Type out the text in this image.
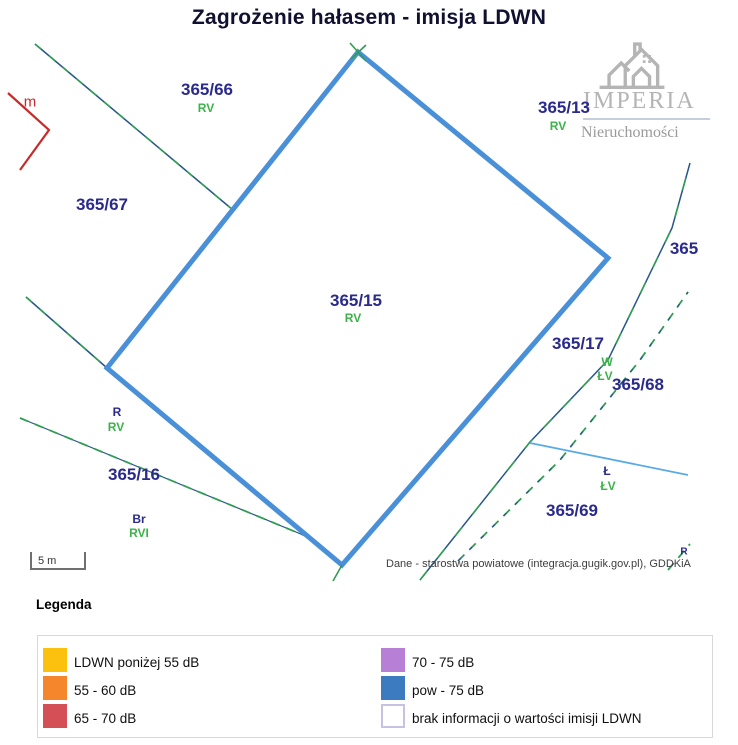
Zagrożenie hałasem - imisja LDWN
IMPERIA
Nieruchomości
365/66
RV	365/13
RV
365/67
365/15
RV
365
365/17
W
ŁV 365/68
R
RV
365/16
Br
RVI
Ł
ŁV
365/69
R
m
5 m	Dane - starostwa powiatowe (integracja.gugik.gov.pl), GDDKiA
Legenda
LDWN poniżej 55 dB
55 - 60 dB
65 - 70 dB
70 - 75 dB
pow - 75 dB
brak informacji o wartości imisji LDWN
